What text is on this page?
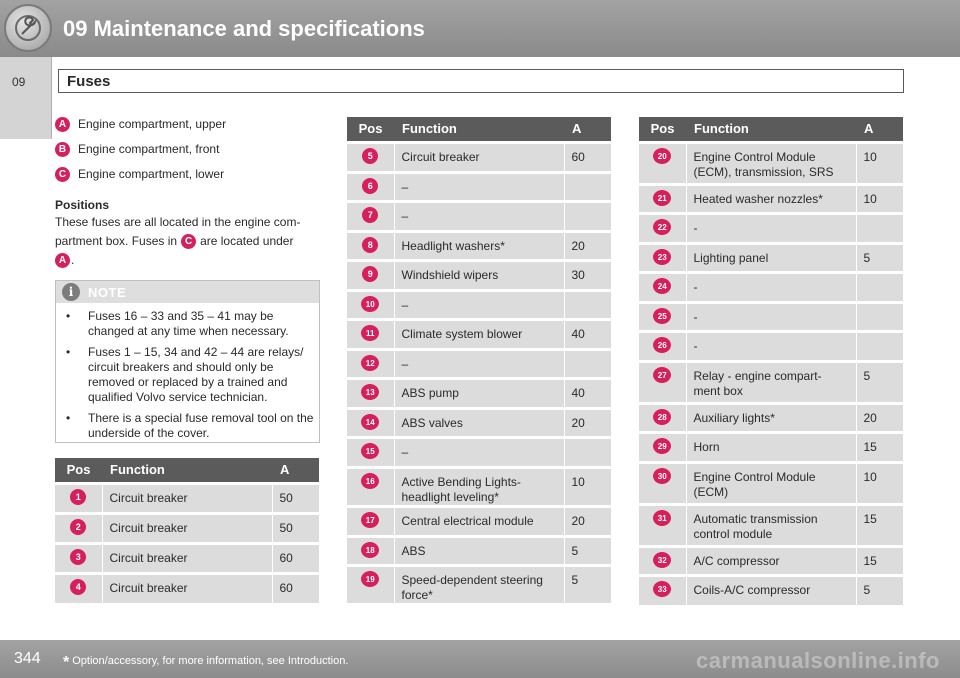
09 Maintenance and specifications
09	Fuses
A Engine compartment, upper
B Engine compartment, front
C Engine compartment, lower
Positions
These fuses are all located in the engine com-
partment box. Fuses in C are located under
A .
i	NOTE
• Fuses 16 – 33 and 35 – 41 may be changed at any time when necessary.
• Fuses 1 – 15, 34 and 42 – 44 are relays/ circuit breakers and should only be removed or replaced by a trained and qualified Volvo service technician.
• There is a special fuse removal tool on the underside of the cover.
Pos	Function	A
1	Circuit breaker	50
2	Circuit breaker	50
3	Circuit breaker	60
4	Circuit breaker	60
Pos	Function	A
5	Circuit breaker	60
6	–	
7	–	
8	Headlight washers*	20
9	Windshield wipers	30
10	–	
11	Climate system blower	40
12	–	
13	ABS pump	40
14	ABS valves	20
15	–	
16	Active Bending Lights-
headlight leveling*	10
17	Central electrical module	20
18	ABS	5
19	Speed-dependent steering
force*	5
Pos	Function	A
20	Engine Control Module
(ECM), transmission, SRS	10
21	Heated washer nozzles*	10
22	-	
23	Lighting panel	5
24	-	
25	-	
26	-	
27	Relay - engine compart-
ment box	5
28	Auxiliary lights*	20
29	Horn	15
30	Engine Control Module
(ECM)	10
31	Automatic transmission
control module	15
32	A/C compressor	15
33	Coils-A/C compressor	5
344 * Option/accessory, for more information, see Introduction.	carmanualsonline.info
